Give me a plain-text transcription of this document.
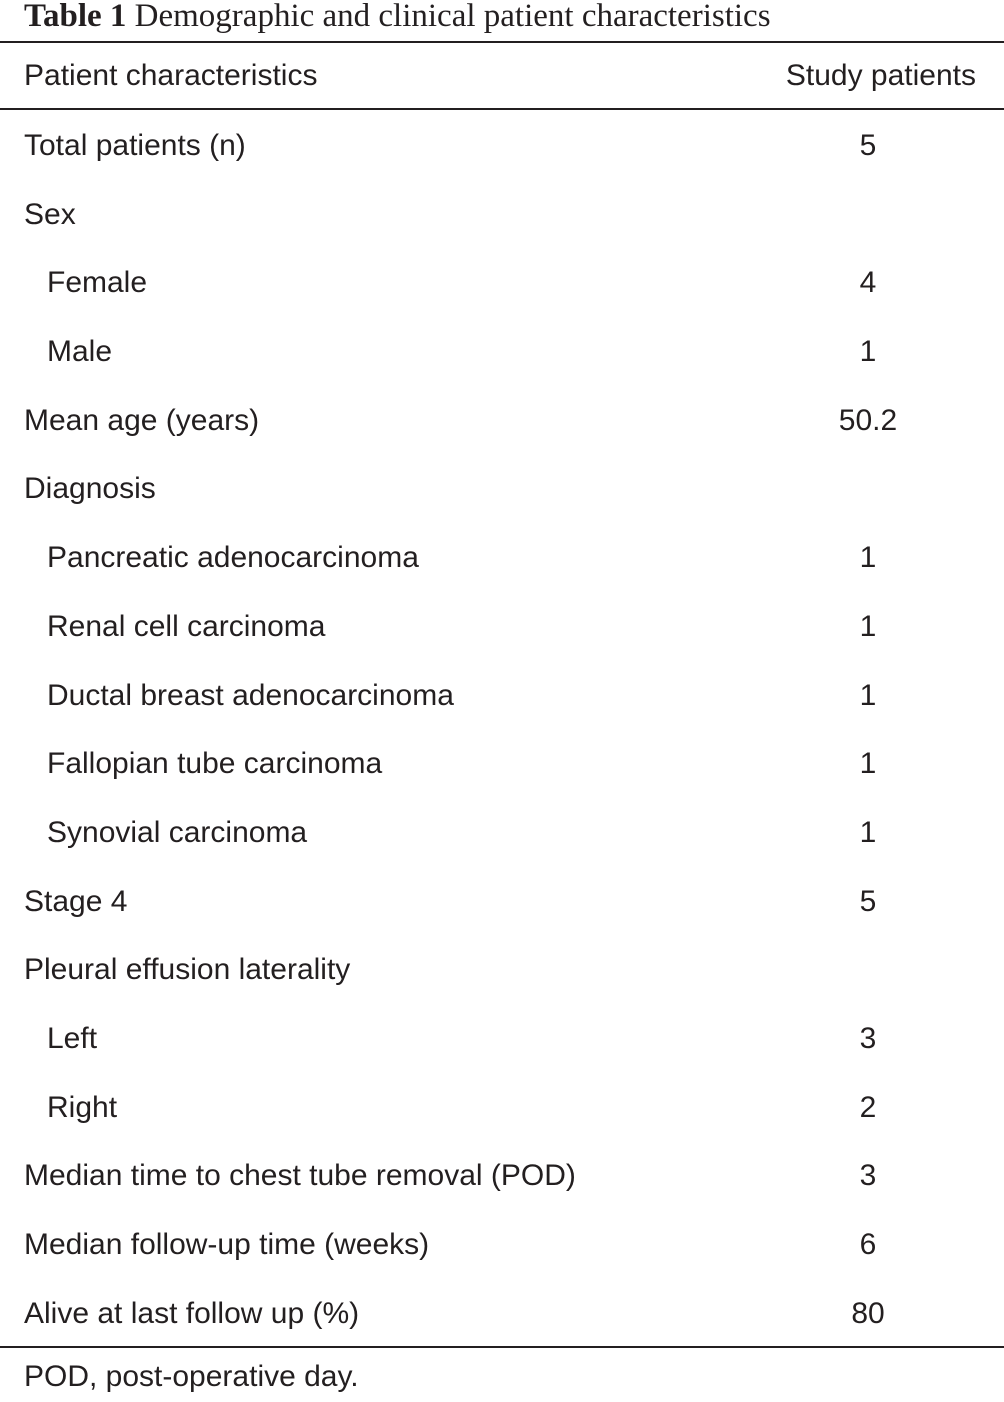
Table 1 Demographic and clinical patient characteristics
Patient characteristics	Study patients
Total patients (n)	5
Sex
Female	4
Male	1
Mean age (years)	50.2
Diagnosis
Pancreatic adenocarcinoma	1
Renal cell carcinoma	1
Ductal breast adenocarcinoma	1
Fallopian tube carcinoma	1
Synovial carcinoma	1
Stage 4	5
Pleural effusion laterality
Left	3
Right	2
Median time to chest tube removal (POD)	3
Median follow-up time (weeks)	6
Alive at last follow up (%)	80
POD, post-operative day.
